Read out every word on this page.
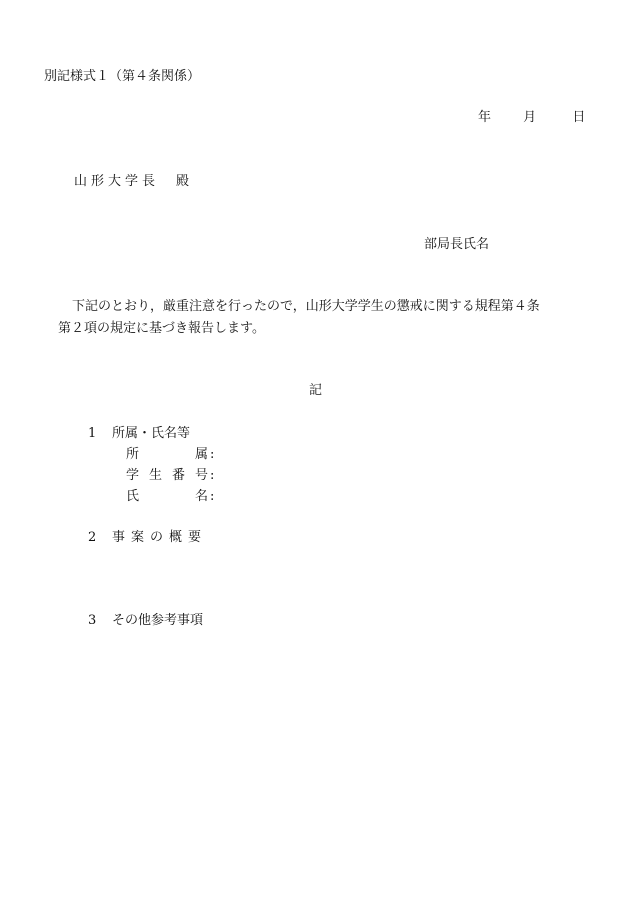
別記様式１（第４条関係）
年 月	日
山形大学長　殿
部局長氏名
下記のとおり，厳重注意を行ったので，山形大学学生の懲戒に関する規程第４条
第２項の規定に基づき報告します。
記
1 所属・氏名等
所属 :
学生番号 :
氏名 :
2 事案の概要
3 その他参考事項
